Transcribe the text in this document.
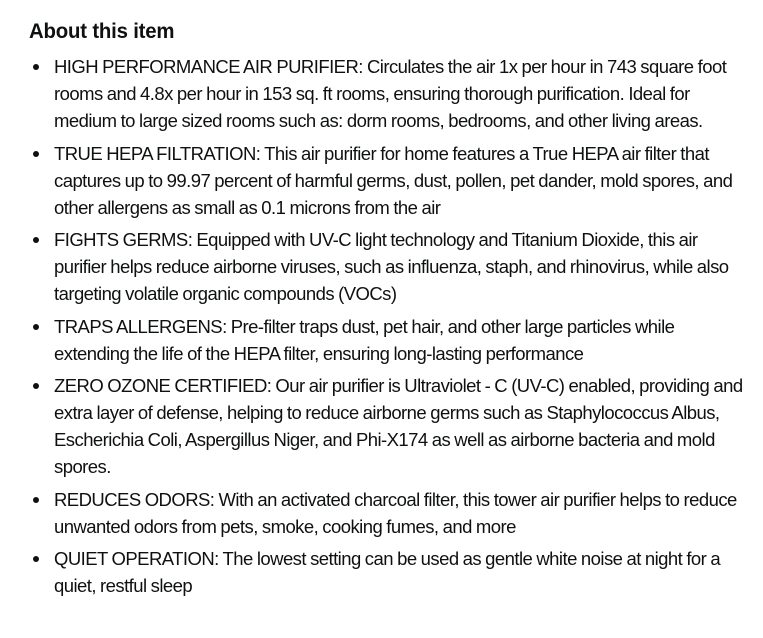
About this item
HIGH PERFORMANCE AIR PURIFIER: Circulates the air 1x per hour in 743 square foot rooms and 4.8x per hour in 153 sq. ft rooms, ensuring thorough purification. Ideal for medium to large sized rooms such as: dorm rooms, bedrooms, and other living areas.
TRUE HEPA FILTRATION: This air purifier for home features a True HEPA air filter that captures up to 99.97 percent of harmful germs, dust, pollen, pet dander, mold spores, and other allergens as small as 0.1 microns from the air
FIGHTS GERMS: Equipped with UV-C light technology and Titanium Dioxide, this air purifier helps reduce airborne viruses, such as influenza, staph, and rhinovirus, while also targeting volatile organic compounds (VOCs)
TRAPS ALLERGENS: Pre-filter traps dust, pet hair, and other large particles while extending the life of the HEPA filter, ensuring long-lasting performance
ZERO OZONE CERTIFIED: Our air purifier is Ultraviolet - C (UV-C) enabled, providing and extra layer of defense, helping to reduce airborne germs such as Staphylococcus Albus, Escherichia Coli, Aspergillus Niger, and Phi-X174 as well as airborne bacteria and mold spores.
REDUCES ODORS: With an activated charcoal filter, this tower air purifier helps to reduce unwanted odors from pets, smoke, cooking fumes, and more
QUIET OPERATION: The lowest setting can be used as gentle white noise at night for a quiet, restful sleep
